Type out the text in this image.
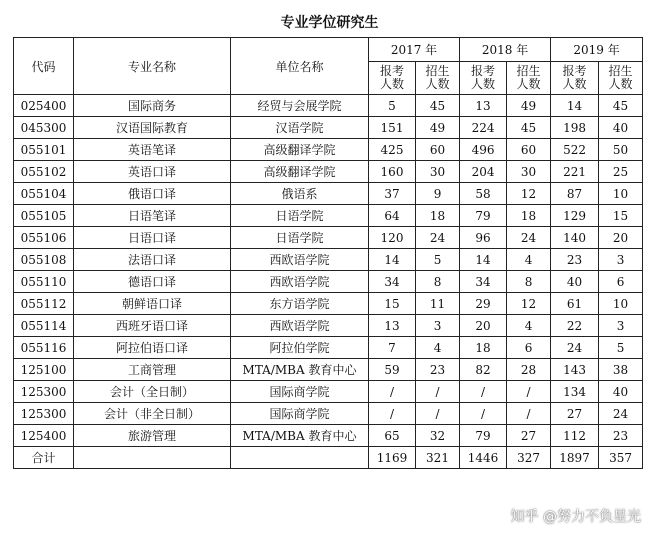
专业学位研究生
代码	专业名称	单位名称	2017 年		2018 年		2019 年	
			报考人数	招生人数	报考人数	招生人数	报考人数	招生人数
025400	国际商务	经贸与会展学院	5	45	13	49	14	45
045300	汉语国际教育	汉语学院	151	49	224	45	198	40
055101	英语笔译	高级翻译学院	425	60	496	60	522	50
055102	英语口译	高级翻译学院	160	30	204	30	221	25
055104	俄语口译	俄语系	37	9	58	12	87	10
055105	日语笔译	日语学院	64	18	79	18	129	15
055106	日语口译	日语学院	120	24	96	24	140	20
055108	法语口译	西欧语学院	14	5	14	4	23	3
055110	德语口译	西欧语学院	34	8	34	8	40	6
055112	朝鲜语口译	东方语学院	15	11	29	12	61	10
055114	西班牙语口译	西欧语学院	13	3	20	4	22	3
055116	阿拉伯语口译	阿拉伯学院	7	4	18	6	24	5
125100	工商管理	MTA/MBA 教育中心	59	23	82	28	143	38
125300	会计（全日制）	国际商学院	/	/	/	/	134	40
125300	会计（非全日制）	国际商学院	/	/	/	/	27	24
125400	旅游管理	MTA/MBA 教育中心	65	32	79	27	112	23
合计			1169	321	1446	327	1897	357
知乎 @努力不负星光
